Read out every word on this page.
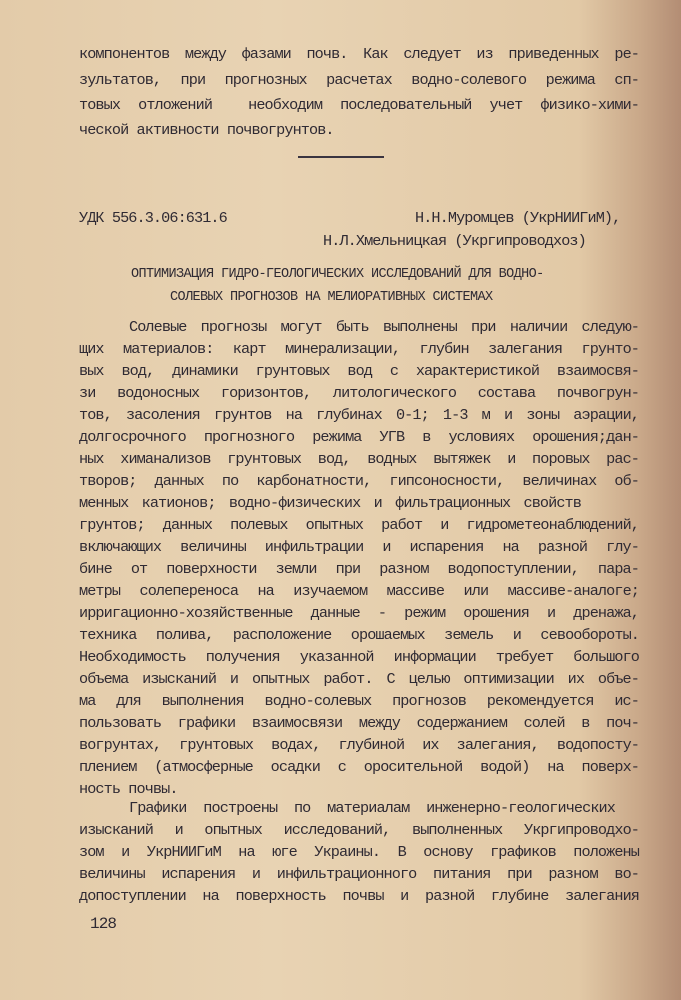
компонентов между фазами почв. Как следует из приведенных ре-
зультатов, при прогнозных расчетах водно-солевого режима сп-
товых отложений  необходим последовательный учет физико-хими-
ческой активности почвогрунтов.
УДК 556.3.06:631.6	Н.Н.Муромцев (УкрНИИГиМ),
Н.Л.Хмельницкая (Укргипроводхоз)
ОПТИМИЗАЦИЯ ГИДРО-ГЕОЛОГИЧЕСКИХ ИССЛЕДОВАНИЙ ДЛЯ ВОДНО-
СОЛЕВЫХ ПРОГНОЗОВ НА МЕЛИОРАТИВНЫХ СИСТЕМАХ
Солевые прогнозы могут быть выполнены при наличии следую-
щих материалов: карт минерализации, глубин залегания грунто-
вых вод, динамики грунтовых вод с характеристикой взаимосвя-
зи водоносных горизонтов, литологического состава почвогрун-
тов, засоления грунтов на глубинах 0-1; 1-3 м и зоны аэрации,
долгосрочного прогнозного режима УГВ в условиях орошения;дан-
ных химанализов грунтовых вод, водных вытяжек и поровых рас-
творов; данных по карбонатности, гипсоносности, величинах об-
менных катионов; водно-физических и фильтрационных свойств
грунтов; данных полевых опытных работ и гидрометеонаблюдений,
включающих величины инфильтрации и испарения на разной глу-
бине от поверхности земли при разном водопоступлении, пара-
метры солепереноса на изучаемом массиве или массиве-аналоге;
ирригационно-хозяйственные данные - режим орошения и дренажа,
техника полива, расположение орошаемых земель и севообороты.
Необходимость получения указанной информации требует большого
объема изысканий и опытных работ. С целью оптимизации их объе-
ма для выполнения водно-солевых прогнозов рекомендуется ис-
пользовать графики взаимосвязи между содержанием солей в поч-
вогрунтах, грунтовых водах, глубиной их залегания, водопосту-
плением (атмосферные осадки с оросительной водой) на поверх-
ность почвы.
Графики построены по материалам инженерно-геологических
изысканий и опытных исследований, выполненных Укргипроводхо-
зом и УкрНИИГиМ на юге Украины. В основу графиков положены
величины испарения и инфильтрационного питания при разном во-
допоступлении на поверхность почвы и разной глубине залегания
128
